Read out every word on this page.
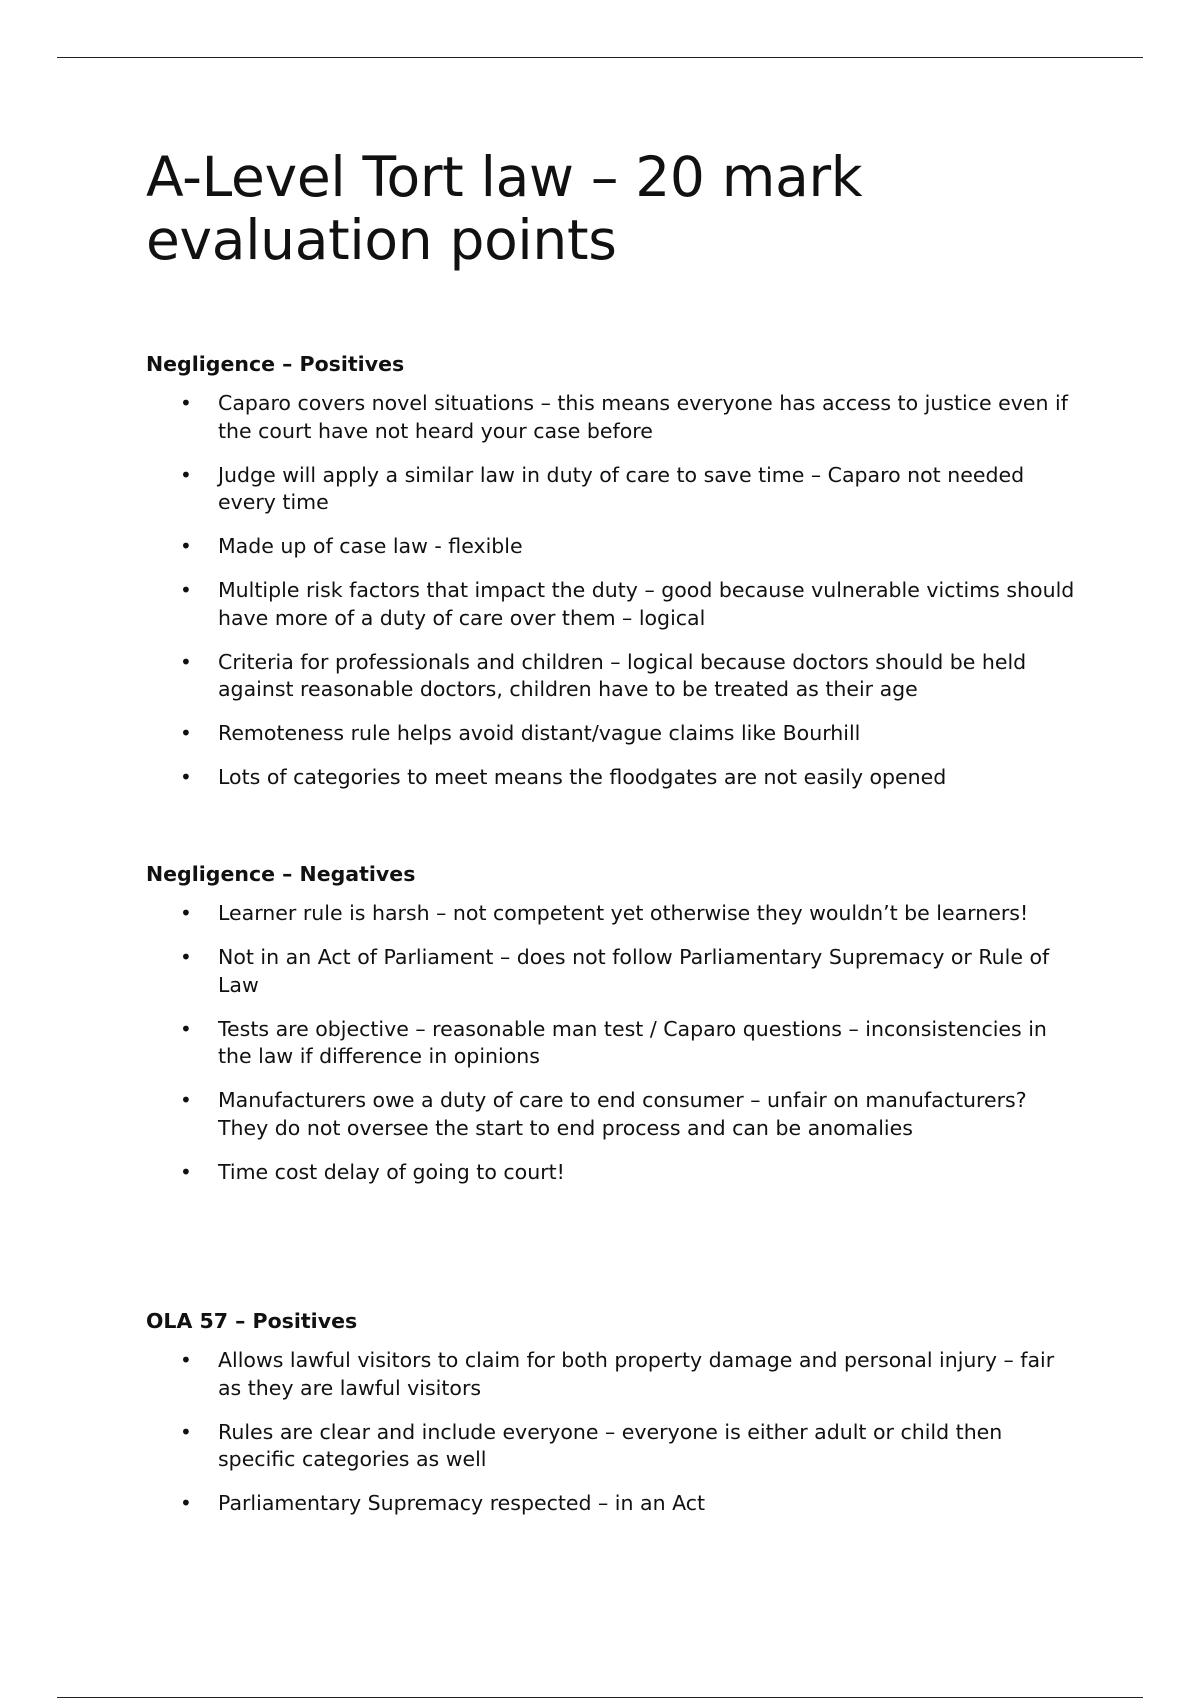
A-Level Tort law – 20 mark evaluation points
Negligence – Positives
• Caparo covers novel situations – this means everyone has access to justice even if the court have not heard your case before
• Judge will apply a similar law in duty of care to save time – Caparo not needed every time
• Made up of case law - flexible
• Multiple risk factors that impact the duty – good because vulnerable victims should have more of a duty of care over them – logical
• Criteria for professionals and children – logical because doctors should be held against reasonable doctors, children have to be treated as their age
• Remoteness rule helps avoid distant/vague claims like Bourhill
• Lots of categories to meet means the floodgates are not easily opened
Negligence – Negatives
• Learner rule is harsh – not competent yet otherwise they wouldn’t be learners!
• Not in an Act of Parliament – does not follow Parliamentary Supremacy or Rule of Law
• Tests are objective – reasonable man test / Caparo questions – inconsistencies in the law if difference in opinions
• Manufacturers owe a duty of care to end consumer – unfair on manufacturers? They do not oversee the start to end process and can be anomalies
• Time cost delay of going to court!
OLA 57 – Positives
• Allows lawful visitors to claim for both property damage and personal injury – fair as they are lawful visitors
• Rules are clear and include everyone – everyone is either adult or child then specific categories as well
• Parliamentary Supremacy respected – in an Act
